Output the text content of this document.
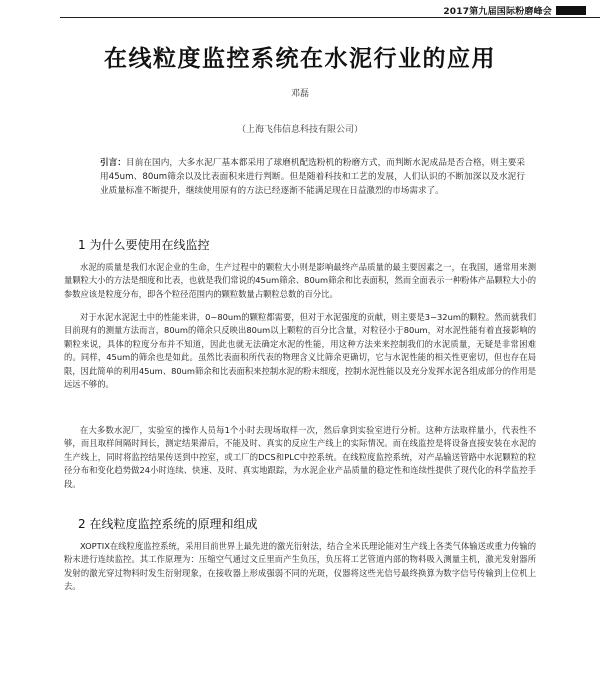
2017第九届国际粉磨峰会
在线粒度监控系统在水泥行业的应用
邓磊
（上海飞伟信息科技有限公司）
引言：目前在国内，大多水泥厂基本都采用了球磨机配选粉机的粉磨方式，而判断水泥成品是否合格，则主要采用45um、80um筛余以及比表面积来进行判断。但是随着科技和工艺的发展，人们认识的不断加深以及水泥行业质量标准不断提升，继续使用原有的方法已经逐渐不能满足现在日益激烈的市场需求了。
1 为什么要使用在线监控
水泥的质量是我们水泥企业的生命，生产过程中的颗粒大小则是影响最终产品质量的最主要因素之一，在我国，通常用来测量颗粒大小的方法是细度和比表，也就是我们常说的45um筛余、80um筛余和比表面积，然而全面表示一种粉体产品颗粒大小的参数应该是粒度分布，即各个粒径范围内的颗粒数量占颗粒总数的百分比。
对于水泥水泥泥土中的性能来讲，0~80um的颗粒都需要，但对于水泥强度的贡献，则主要是3~32um的颗粒。然而就我们目前现有的测量方法而言，80um的筛余只反映出80um以上颗粒的百分比含量，对粒径小于80um，对水泥性能有着直接影响的颗粒来说，具体的粒度分布并不知道，因此也就无法确定水泥的性能，用这种方法来来控制我们的水泥质量，无疑是非常困难的。同样，45um的筛余也是如此。虽然比表面积所代表的物理含义比筛余更确切，它与水泥性能的相关性更密切，但也存在局限，因此简单的利用45um、80um筛余和比表面积来控制水泥的粉末细度，控制水泥性能以及充分发挥水泥各组成部分的作用是远远不够的。
在大多数水泥厂，实验室的操作人员每1个小时去现场取样一次，然后拿到实验室进行分析。这种方法取样量小，代表性不够，而且取样间隔时间长，测定结果滞后，不能及时、真实的反应生产线上的实际情况。而在线监控是将设备直接安装在水泥的生产线上，同时将监控结果传送到中控室，或工厂的DCS和PLC中控系统。在线粒度监控系统，对产品输送管路中水泥颗粒的粒径分布和变化趋势做24小时连续、快速、及时、真实地跟踪，为水泥企业产品质量的稳定性和连续性提供了现代化的科学监控手段。
2 在线粒度监控系统的原理和组成
XOPTIX在线粒度监控系统，采用目前世界上最先进的激光衍射法，结合全米氏理论能对生产线上各类气体输送或重力传输的粉末进行连续监控。其工作原理为：压缩空气通过文丘里而产生负压，负压将工艺管道内部的物料吸入测量主机，激光发射器所发射的激光穿过物料时发生衍射现象，在接收器上形成强弱不同的光斑，仪器将这些光信号最终换算为数字信号传输到上位机上去。
